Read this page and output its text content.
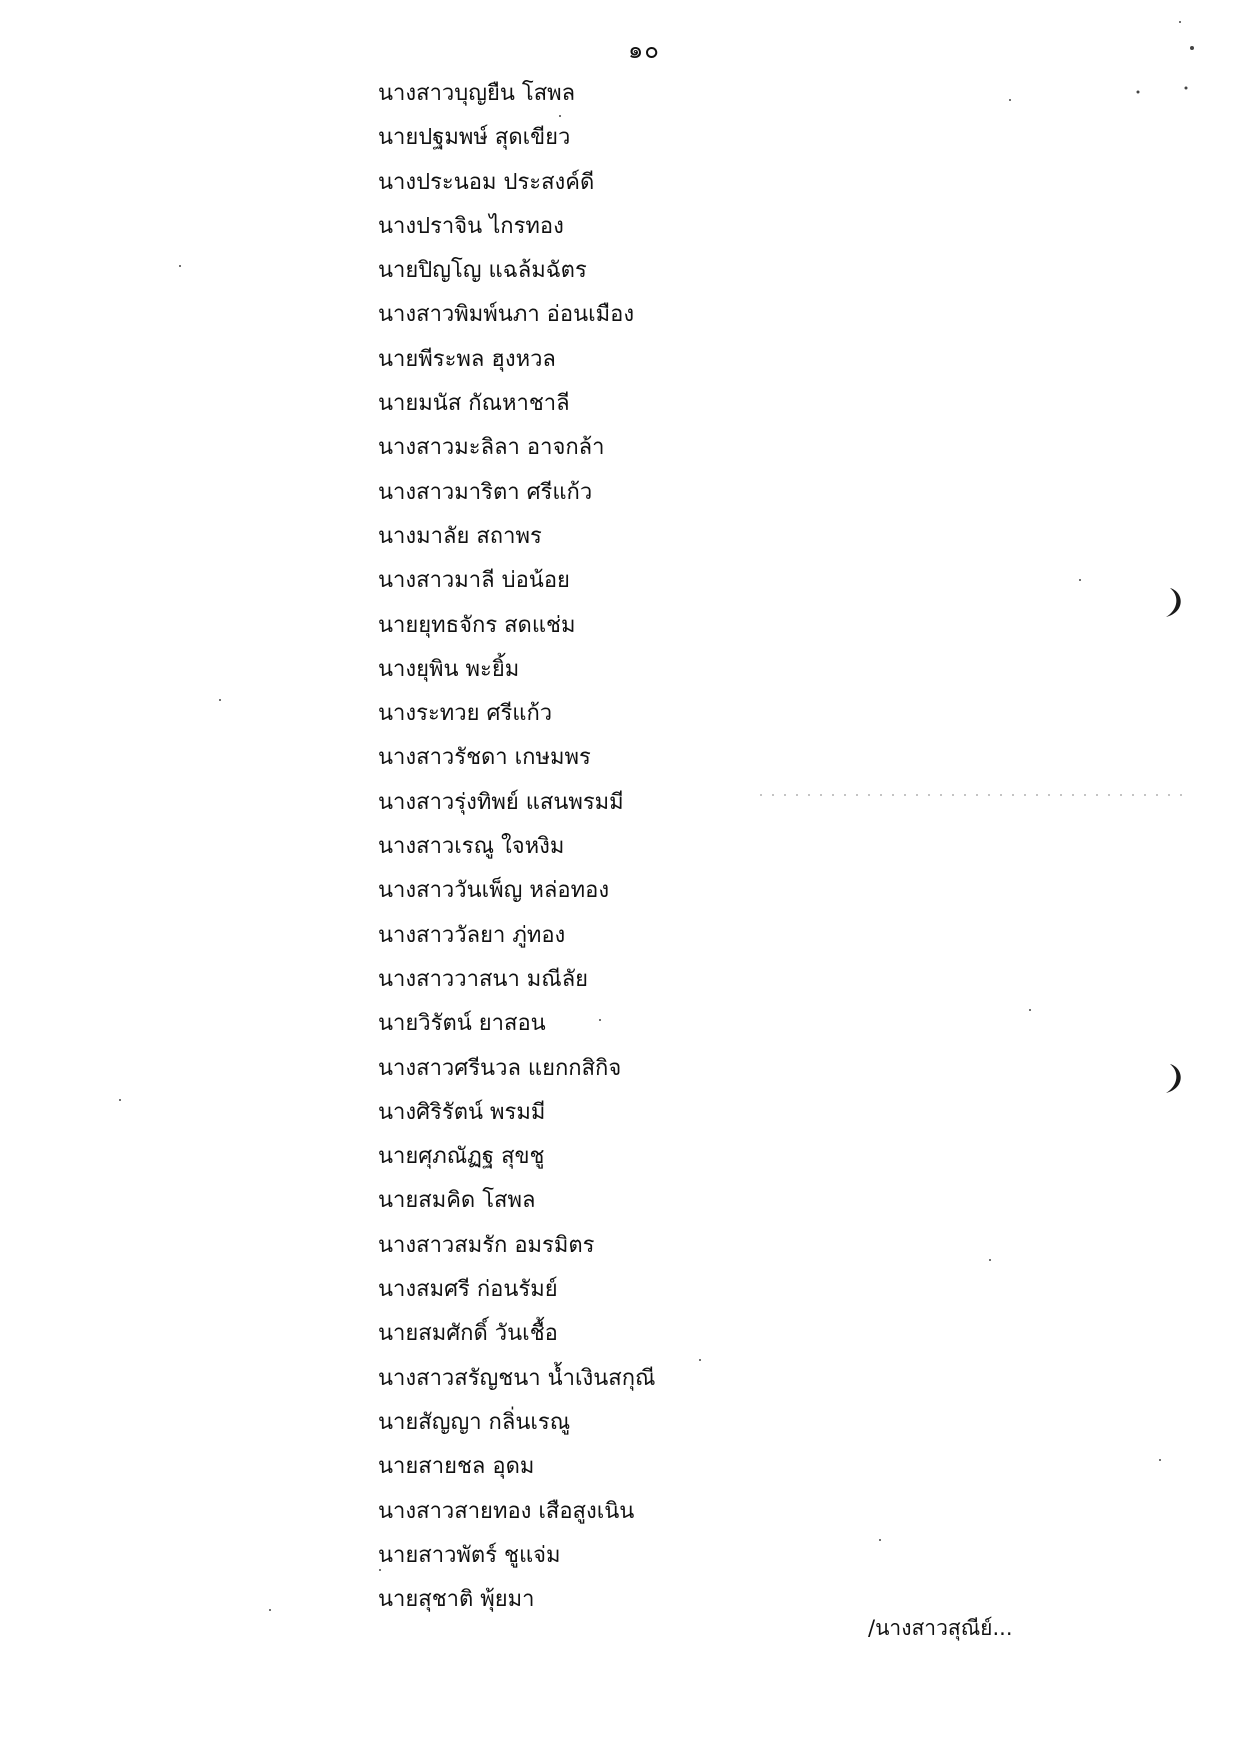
๑๐
นางสาวบุญยืน โสพล
นายปฐมพษ์ สุดเขียว
นางประนอม ประสงค์ดี
นางปราจิน ไกรทอง
นายปิญโญ แฉล้มฉัตร
นางสาวพิมพ์นภา อ่อนเมือง
นายพีระพล ฮุงหวล
นายมนัส กัณหาชาลี
นางสาวมะลิลา อาจกล้า
นางสาวมาริตา ศรีแก้ว
นางมาลัย สถาพร
นางสาวมาลี บ่อน้อย
นายยุทธจักร สดแช่ม
นางยุพิน พะยิ้ม
นางระทวย ศรีแก้ว
นางสาวรัชดา เกษมพร
นางสาวรุ่งทิพย์ แสนพรมมี
นางสาวเรณู ใจหงิม
นางสาววันเพ็ญ หล่อทอง
นางสาววัลยา ภู่ทอง
นางสาววาสนา มณีลัย
นายวิรัตน์ ยาสอน
นางสาวศรีนวล แยกกสิกิจ
นางศิริรัตน์ พรมมี
นายศุภณัฏฐ สุขชู
นายสมคิด โสพล
นางสาวสมรัก อมรมิตร
นางสมศรี ก่อนรัมย์
นายสมศักดิ์ วันเชื้อ
นางสาวสรัญชนา น้ำเงินสกุณี
นายสัญญา กลิ่นเรณู
นายสายชล อุดม
นางสาวสายทอง เสือสูงเนิน
นายสาวพัตร์ ชูแจ่ม
นายสุชาติ พุ้ยมา
/นางสาวสุณีย์...
